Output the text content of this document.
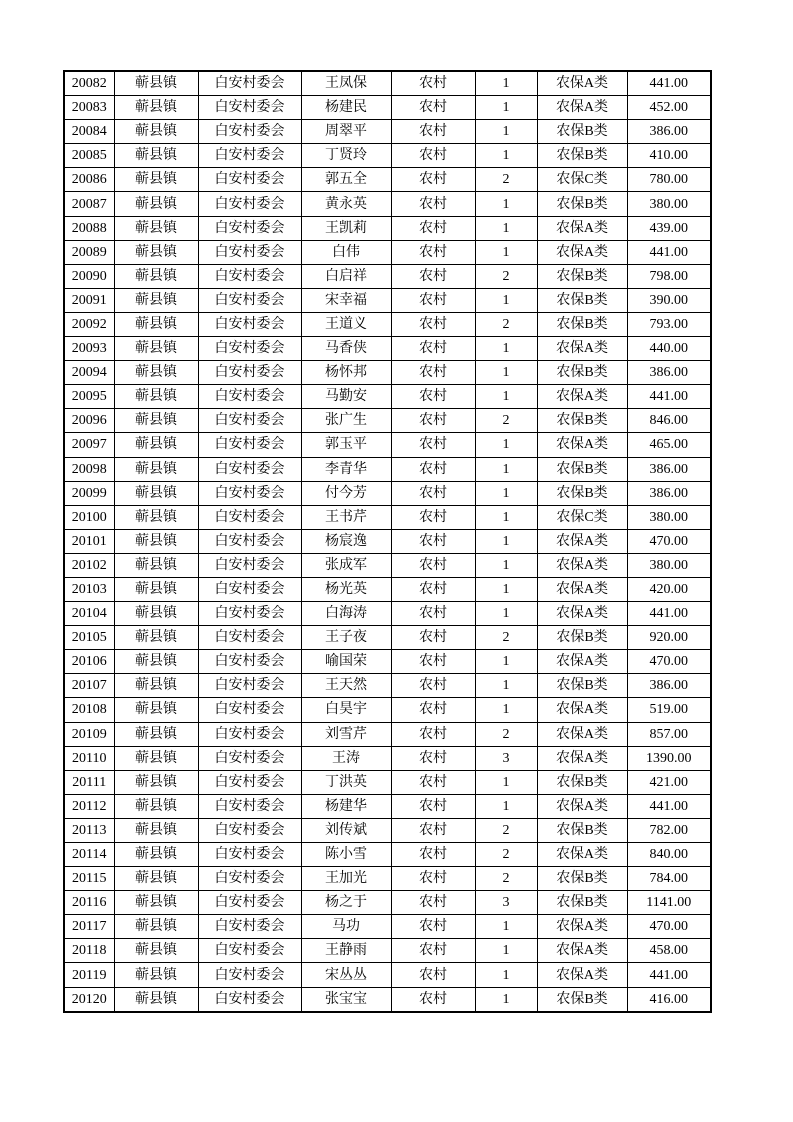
20082	蕲县镇	白安村委会	王凤保	农村	1	农保A类	441.00
20083	蕲县镇	白安村委会	杨建民	农村	1	农保A类	452.00
20084	蕲县镇	白安村委会	周翠平	农村	1	农保B类	386.00
20085	蕲县镇	白安村委会	丁贤玲	农村	1	农保B类	410.00
20086	蕲县镇	白安村委会	郭五全	农村	2	农保C类	780.00
20087	蕲县镇	白安村委会	黄永英	农村	1	农保B类	380.00
20088	蕲县镇	白安村委会	王凯莉	农村	1	农保A类	439.00
20089	蕲县镇	白安村委会	白伟	农村	1	农保A类	441.00
20090	蕲县镇	白安村委会	白启祥	农村	2	农保B类	798.00
20091	蕲县镇	白安村委会	宋幸福	农村	1	农保B类	390.00
20092	蕲县镇	白安村委会	王道义	农村	2	农保B类	793.00
20093	蕲县镇	白安村委会	马香侠	农村	1	农保A类	440.00
20094	蕲县镇	白安村委会	杨怀邦	农村	1	农保B类	386.00
20095	蕲县镇	白安村委会	马勤安	农村	1	农保A类	441.00
20096	蕲县镇	白安村委会	张广生	农村	2	农保B类	846.00
20097	蕲县镇	白安村委会	郭玉平	农村	1	农保A类	465.00
20098	蕲县镇	白安村委会	李青华	农村	1	农保B类	386.00
20099	蕲县镇	白安村委会	付今芳	农村	1	农保B类	386.00
20100	蕲县镇	白安村委会	王书芹	农村	1	农保C类	380.00
20101	蕲县镇	白安村委会	杨宸逸	农村	1	农保A类	470.00
20102	蕲县镇	白安村委会	张成军	农村	1	农保A类	380.00
20103	蕲县镇	白安村委会	杨光英	农村	1	农保A类	420.00
20104	蕲县镇	白安村委会	白海涛	农村	1	农保A类	441.00
20105	蕲县镇	白安村委会	王子夜	农村	2	农保B类	920.00
20106	蕲县镇	白安村委会	喻国荣	农村	1	农保A类	470.00
20107	蕲县镇	白安村委会	王天然	农村	1	农保B类	386.00
20108	蕲县镇	白安村委会	白昊宇	农村	1	农保A类	519.00
20109	蕲县镇	白安村委会	刘雪芹	农村	2	农保A类	857.00
20110	蕲县镇	白安村委会	王涛	农村	3	农保A类	1390.00
20111	蕲县镇	白安村委会	丁洪英	农村	1	农保B类	421.00
20112	蕲县镇	白安村委会	杨建华	农村	1	农保A类	441.00
20113	蕲县镇	白安村委会	刘传斌	农村	2	农保B类	782.00
20114	蕲县镇	白安村委会	陈小雪	农村	2	农保A类	840.00
20115	蕲县镇	白安村委会	王加光	农村	2	农保B类	784.00
20116	蕲县镇	白安村委会	杨之于	农村	3	农保B类	1141.00
20117	蕲县镇	白安村委会	马功	农村	1	农保A类	470.00
20118	蕲县镇	白安村委会	王静雨	农村	1	农保A类	458.00
20119	蕲县镇	白安村委会	宋丛丛	农村	1	农保A类	441.00
20120	蕲县镇	白安村委会	张宝宝	农村	1	农保B类	416.00
